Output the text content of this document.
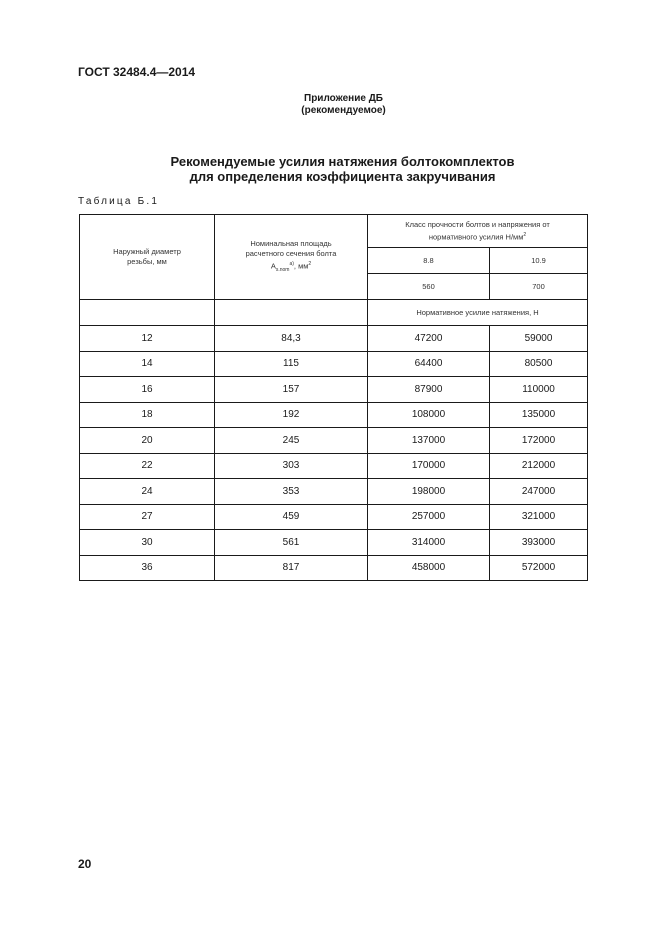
ГОСТ 32484.4—2014
Приложение ДБ
(рекомендуемое)
Рекомендуемые усилия натяжения болтокомплектов
для определения коэффициента закручивания
Таблица Б.1
Наружный диаметр резьбы, мм	Номинальная площадь расчетного сечения болта $A_{s.nom}^{a)}$, $мм^2$	Класс прочности болтов и напряжения от нормативного усилия $Н/мм^2$

		8.8	10.9
		560	700
		Нормативное усилие натяжения, Н	
12	84,3	47200	59000
14	115	64400	80500
16	157	87900	110000
18	192	108000	135000
20	245	137000	172000
22	303	170000	212000
24	353	198000	247000
27	459	257000	321000
30	561	314000	393000
36	817	458000	572000
20
